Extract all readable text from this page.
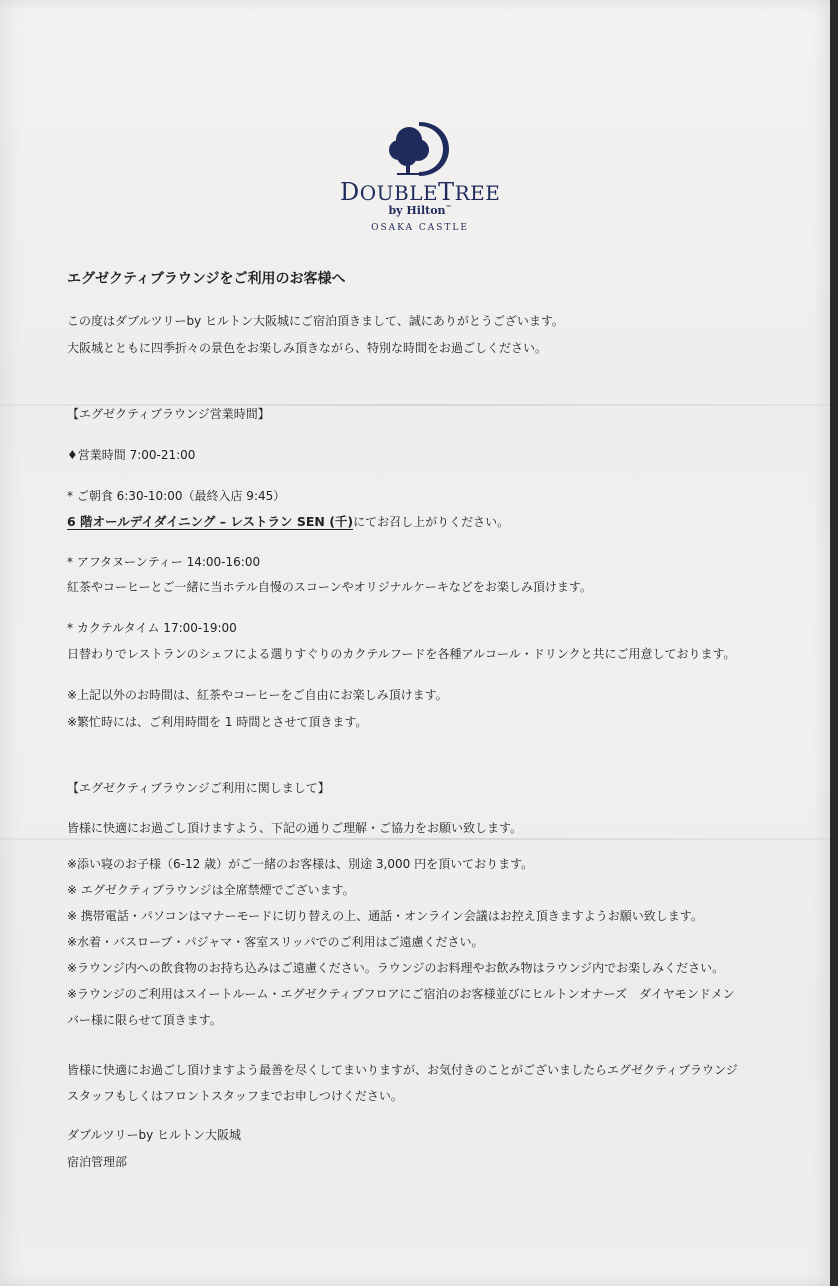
DOUBLETREE
by Hilton™
OSAKA CASTLE
エグゼクティブラウンジをご利用のお客様へ
この度はダブルツリーby ヒルトン大阪城にご宿泊頂きまして、誠にありがとうございます。
大阪城とともに四季折々の景色をお楽しみ頂きながら、特別な時間をお過ごしください。
【エグゼクティブラウンジ営業時間】
♦営業時間 7:00-21:00
* ご朝食 6:30-10:00（最終入店 9:45）
6 階オールデイダイニング – レストラン SEN (千)にてお召し上がりください。
* アフタヌーンティー 14:00-16:00
紅茶やコーヒーとご一緒に当ホテル自慢のスコーンやオリジナルケーキなどをお楽しみ頂けます。
* カクテルタイム 17:00-19:00
日替わりでレストランのシェフによる選りすぐりのカクテルフードを各種アルコール・ドリンクと共にご用意しております。
※上記以外のお時間は、紅茶やコーヒーをご自由にお楽しみ頂けます。
※繁忙時には、ご利用時間を 1 時間とさせて頂きます。
【エグゼクティブラウンジご利用に関しまして】
皆様に快適にお過ごし頂けますよう、下記の通りご理解・ご協力をお願い致します。
※添い寝のお子様（6-12 歳）がご一緒のお客様は、別途 3,000 円を頂いております。
※ エグゼクティブラウンジは全席禁煙でございます。
※ 携帯電話・パソコンはマナーモードに切り替えの上、通話・オンライン会議はお控え頂きますようお願い致します。
※水着・バスローブ・パジャマ・客室スリッパでのご利用はご遠慮ください。
※ラウンジ内への飲食物のお持ち込みはご遠慮ください。ラウンジのお料理やお飲み物はラウンジ内でお楽しみください。
※ラウンジのご利用はスイートルーム・エグゼクティブフロアにご宿泊のお客様並びにヒルトンオナーズ　ダイヤモンドメン
バー様に限らせて頂きます。
皆様に快適にお過ごし頂けますよう最善を尽くしてまいりますが、お気付きのことがございましたらエグゼクティブラウンジ
スタッフもしくはフロントスタッフまでお申しつけください。
ダブルツリーby ヒルトン大阪城
宿泊管理部
